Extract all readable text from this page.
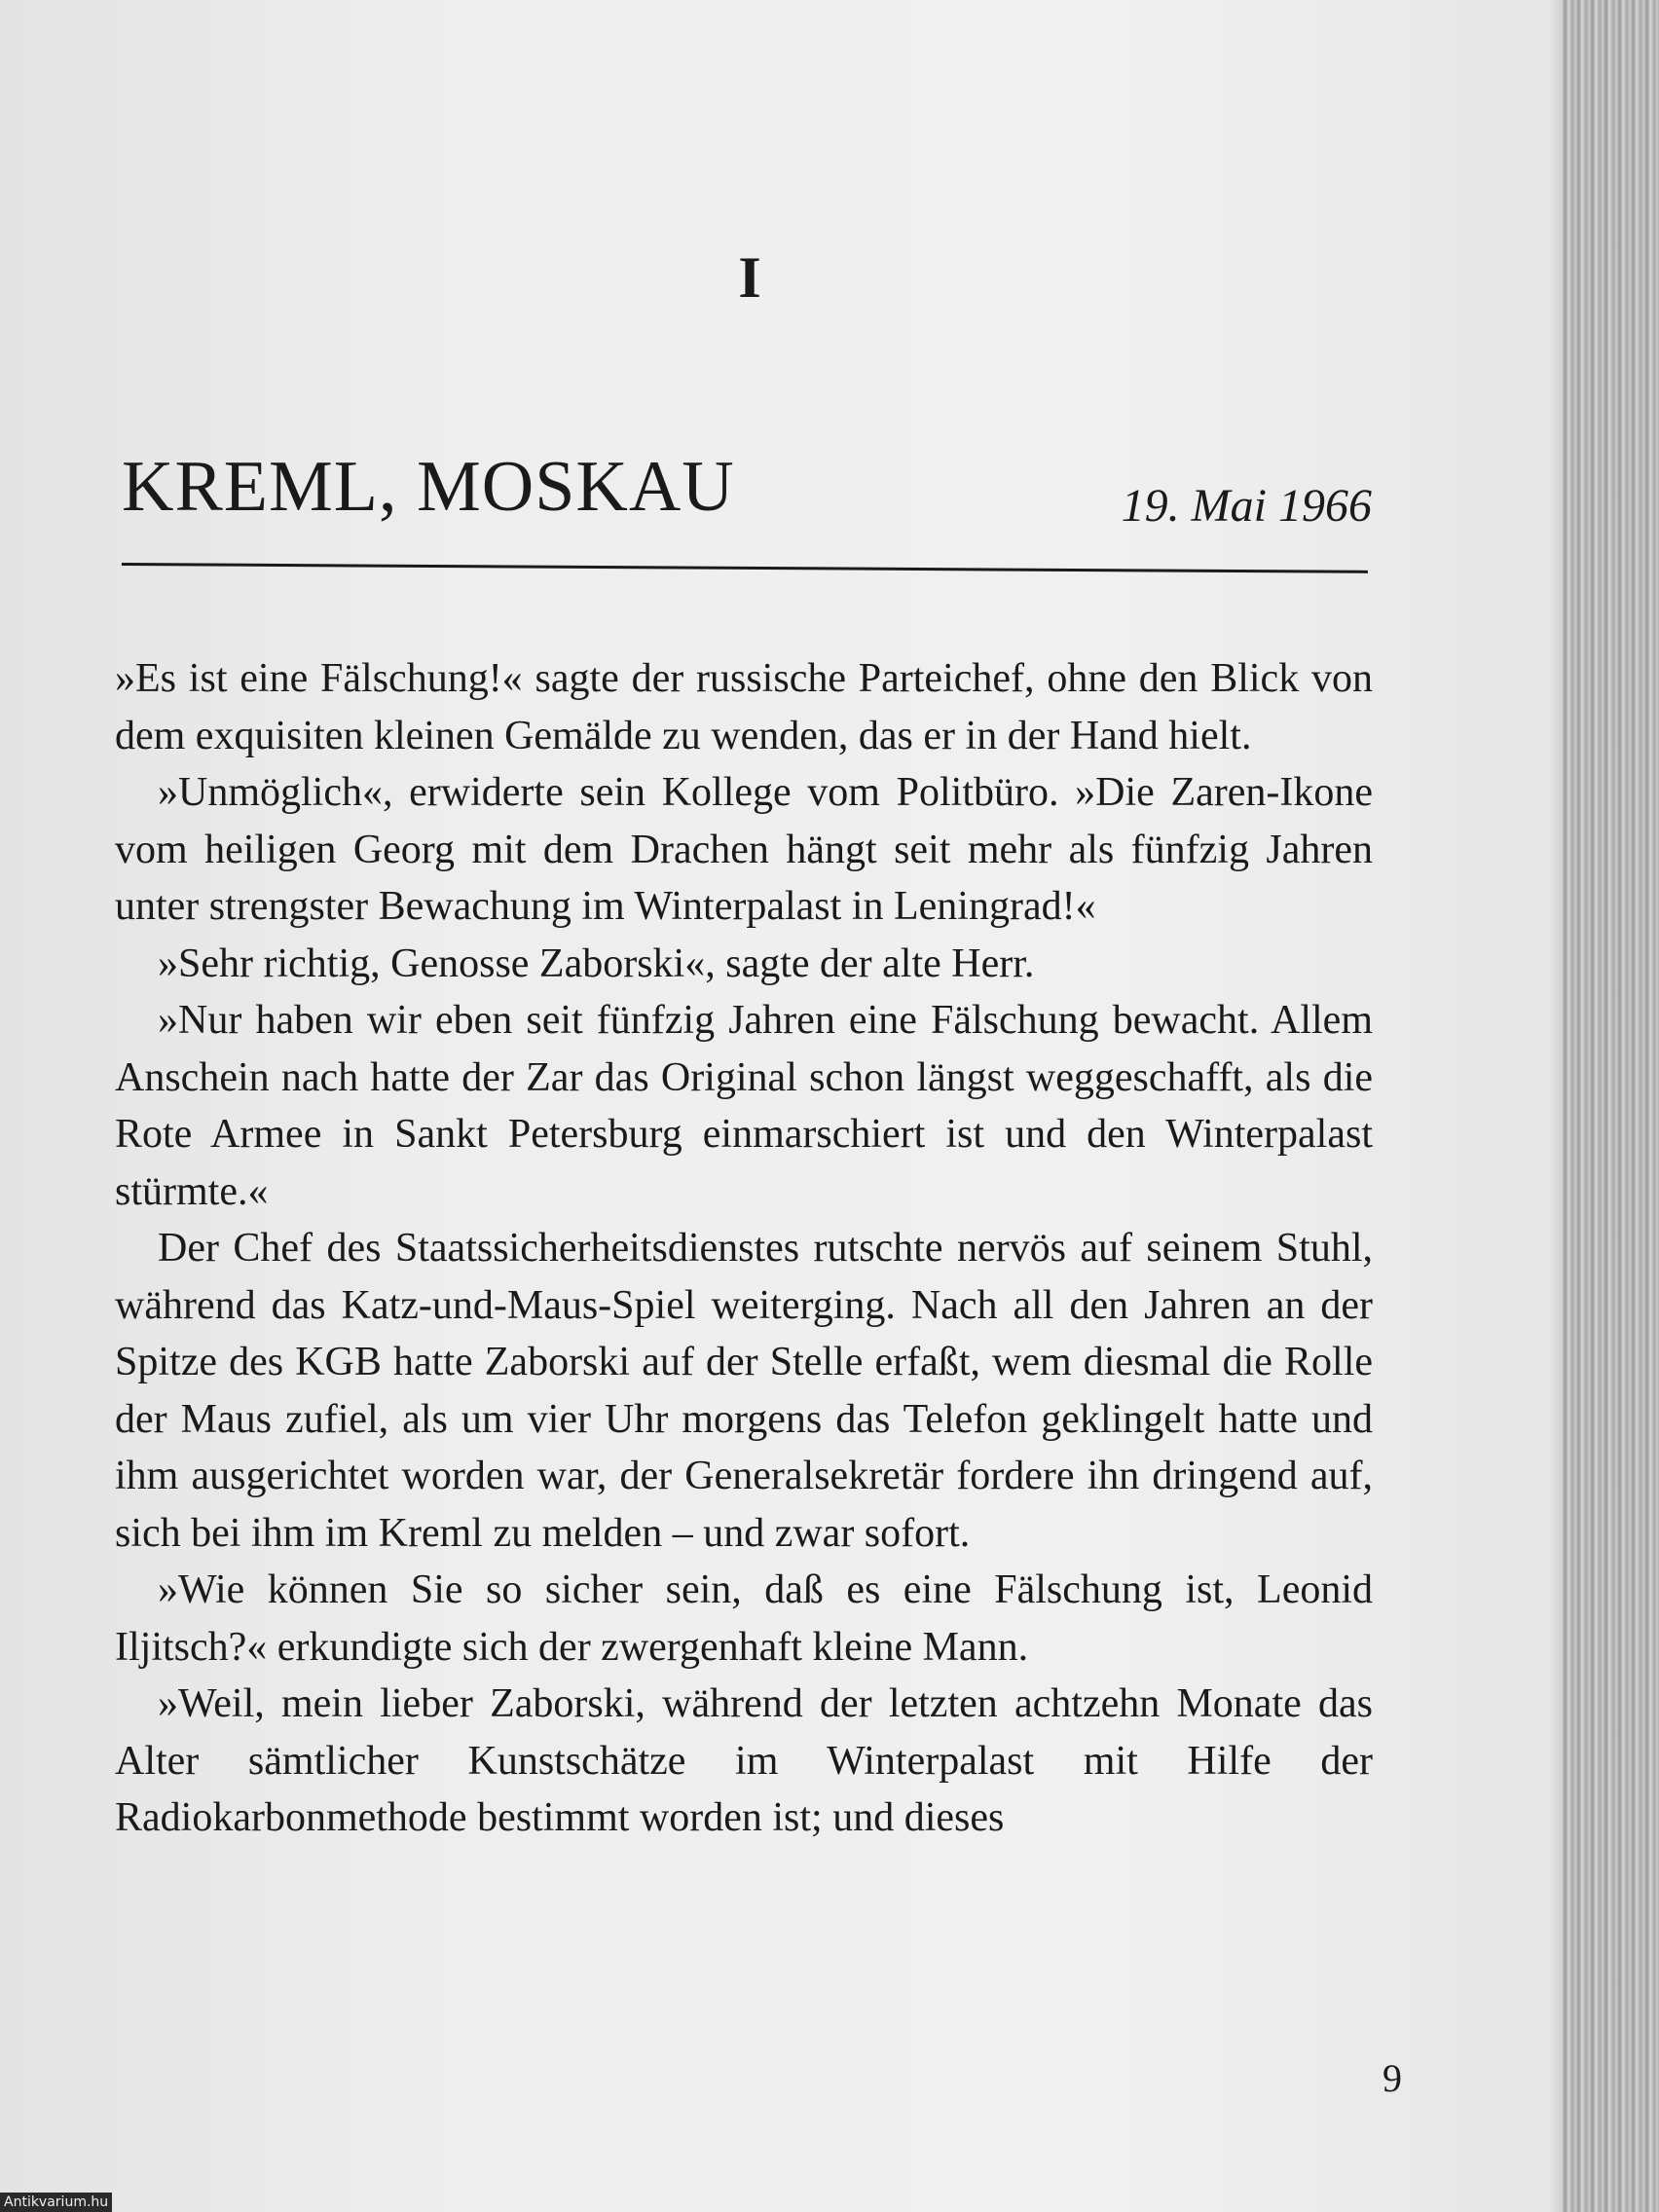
I
KREML, MOSKAU	19. Mai 1966

»Es ist eine Fälschung!« sagte der russische Parteichef, ohne den Blick von dem exquisiten kleinen Gemälde zu wenden, das er in der Hand hielt.

»Unmöglich«, erwiderte sein Kollege vom Politbüro. »Die Zaren-Ikone vom heiligen Georg mit dem Drachen hängt seit mehr als fünfzig Jahren unter strengster Bewachung im Winterpalast in Leningrad!«

»Sehr richtig, Genosse Zaborski«, sagte der alte Herr.

»Nur haben wir eben seit fünfzig Jahren eine Fälschung bewacht. Allem Anschein nach hatte der Zar das Original schon längst weggeschafft, als die Rote Armee in Sankt Petersburg einmarschiert ist und den Winterpalast stürmte.«

Der Chef des Staatssicherheitsdienstes rutschte nervös auf seinem Stuhl, während das Katz-und-Maus-Spiel weiterging. Nach all den Jahren an der Spitze des KGB hatte Zaborski auf der Stelle erfaßt, wem diesmal die Rolle der Maus zufiel, als um vier Uhr morgens das Telefon geklingelt hatte und ihm ausgerichtet worden war, der Generalsekretär fordere ihn dringend auf, sich bei ihm im Kreml zu melden – und zwar sofort.

»Wie können Sie so sicher sein, daß es eine Fälschung ist, Leonid Iljitsch?« erkundigte sich der zwergenhaft kleine Mann.

»Weil, mein lieber Zaborski, während der letzten achtzehn Monate das Alter sämtlicher Kunstschätze im Winterpalast mit Hilfe der Radiokarbonmethode bestimmt worden ist; und dieses

9
Antikvarium.hu
